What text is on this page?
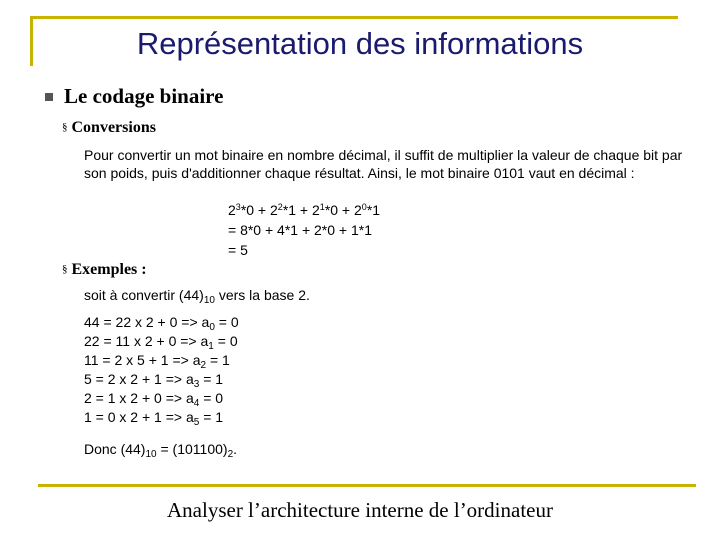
Représentation des informations
Le codage binaire
§ Conversions
Pour convertir un mot binaire en nombre décimal, il suffit de multiplier la valeur de chaque bit par son poids, puis d'additionner chaque résultat. Ainsi, le mot binaire 0101 vaut en décimal :
$2^3*0 + 2^2*1 + 2^1*0 + 2^0*1$
= 8*0 + 4*1 + 2*0 + 1*1
= 5
§ Exemples :
soit à convertir $(44)_{10}$ vers la base 2.
44 = 22 x $2 + 0 => a_0 = 0$
22 = 11 x $2 + 0 => a_1 = 0$
11 = 2 x $5 + 1 => a_2 = 1$
5 = 2 x $2 + 1 => a_3 = 1$
2 = 1 x $2 + 0 => a_4 = 0$
1 = 0 x $2 + 1 => a_5 = 1$
Donc $(44)_{10} = (101100)_2$.
Analyser l’architecture interne de l’ordinateur
